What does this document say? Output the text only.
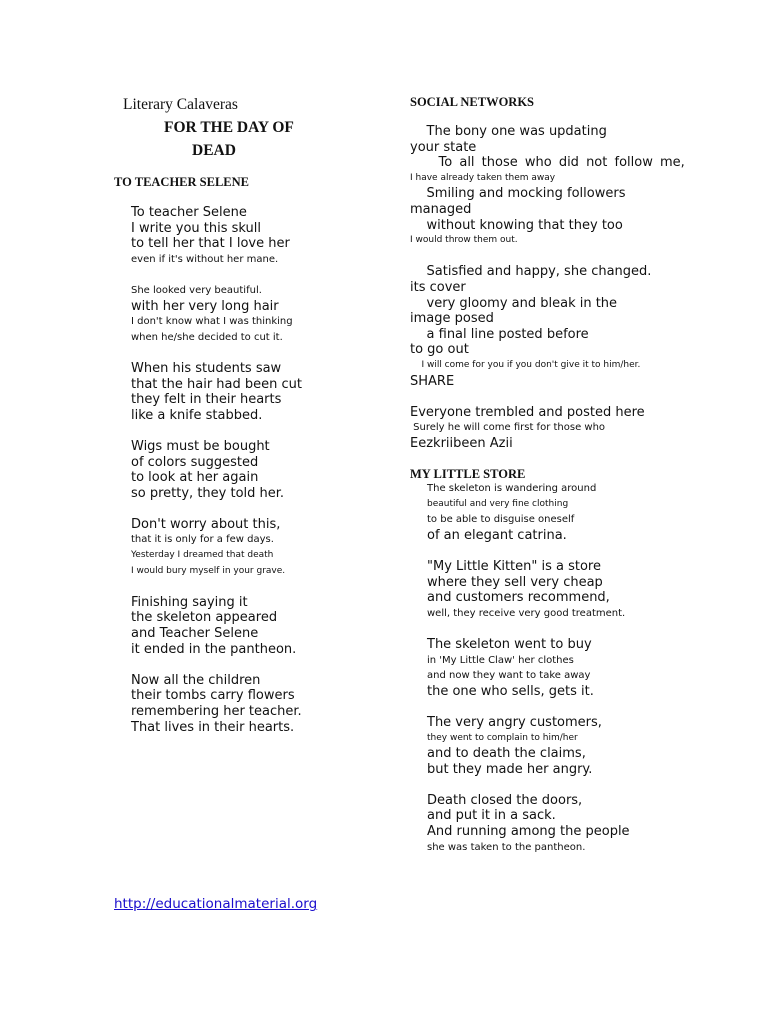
Literary Calaveras
FOR THE DAY OF
DEAD
TO TEACHER SELENE
To teacher Selene
I write you this skull
to tell her that I love her
even if it's without her mane.
She looked very beautiful.
with her very long hair
I don't know what I was thinking
when he/she decided to cut it.
When his students saw
that the hair had been cut
they felt in their hearts
like a knife stabbed.
Wigs must be bought
of colors suggested
to look at her again
so pretty, they told her.
Don't worry about this,
that it is only for a few days.
Yesterday I dreamed that death
I would bury myself in your grave.
Finishing saying it
the skeleton appeared
and Teacher Selene
it ended in the pantheon.
Now all the children
their tombs carry flowers
remembering her teacher.
That lives in their hearts.
SOCIAL NETWORKS
The bony one was updating
your state
To all those who did not follow me,
I have already taken them away
Smiling and mocking followers
managed
without knowing that they too
I would throw them out.
Satisfied and happy, she changed.
its cover
very gloomy and bleak in the
image posed
a final line posted before
to go out
I will come for you if you don't give it to him/her.
SHARE
Everyone trembled and posted here
Surely he will come first for those who
Eezkriibeen Azii
MY LITTLE STORE
The skeleton is wandering around
beautiful and very fine clothing
to be able to disguise oneself
of an elegant catrina.
"My Little Kitten" is a store
where they sell very cheap
and customers recommend,
well, they receive very good treatment.
The skeleton went to buy
in 'My Little Claw' her clothes
and now they want to take away
the one who sells, gets it.
The very angry customers,
they went to complain to him/her
and to death the claims,
but they made her angry.
Death closed the doors,
and put it in a sack.
And running among the people
she was taken to the pantheon.
http://educationalmaterial.org
